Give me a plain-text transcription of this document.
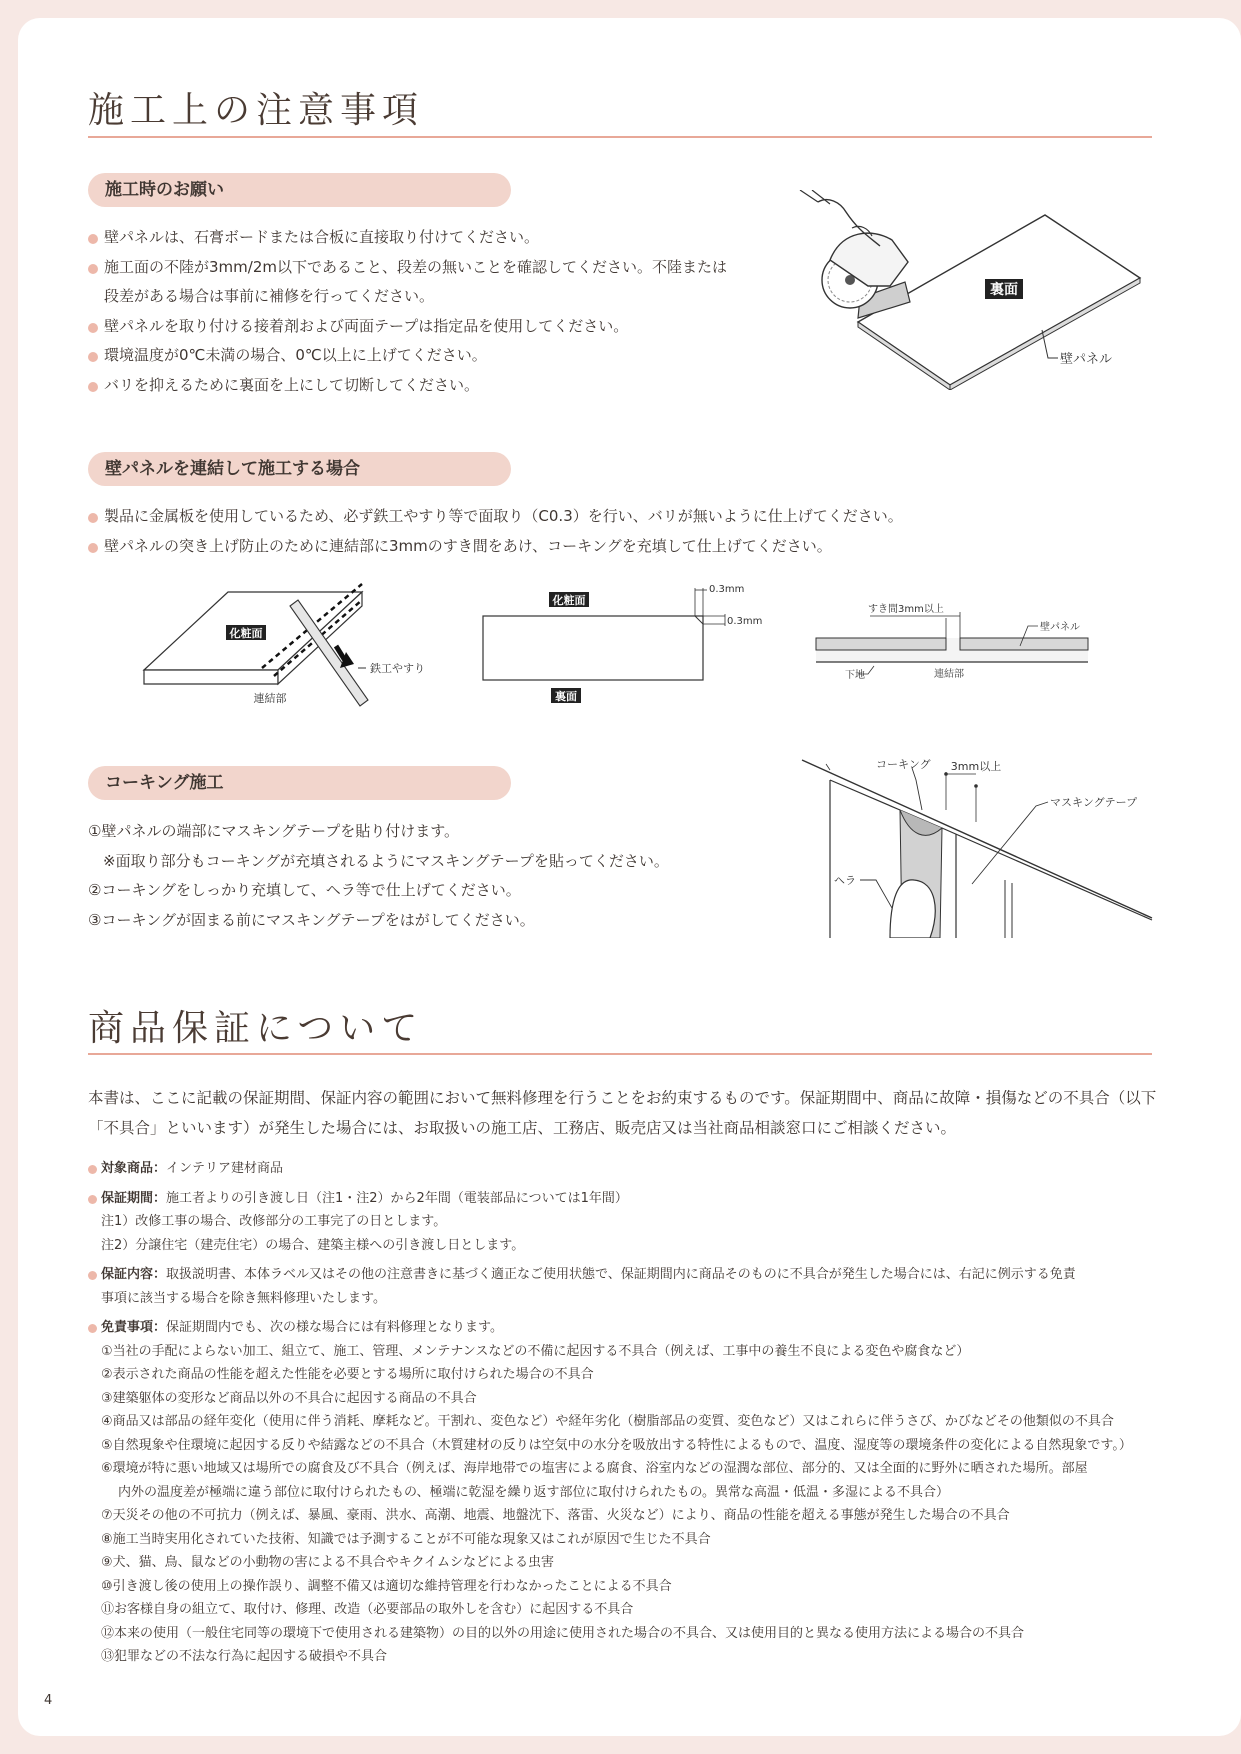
施工上の注意事項
施工時のお願い
壁パネルは、石膏ボードまたは合板に直接取り付けてください。
施工面の不陸が3mm/2m以下であること、段差の無いことを確認してください。不陸または
段差がある場合は事前に補修を行ってください。
壁パネルを取り付ける接着剤および両面テープは指定品を使用してください。
環境温度が0℃未満の場合、0℃以上に上げてください。
バリを抑えるために裏面を上にして切断してください。
裏面
壁パネル
壁パネルを連結して施工する場合
製品に金属板を使用しているため、必ず鉄工やすり等で面取り（C0.3）を行い、バリが無いように仕上げてください。
壁パネルの突き上げ防止のために連結部に3mmのすき間をあけ、コーキングを充填して仕上げてください。
化粧面
連結部
鉄工やすり
0.3mm
0.3mm
化粧面
裏面
すき間3mm以上
壁パネル
下地	連結部
コーキング施工
①壁パネルの端部にマスキングテープを貼り付けます。
　※面取り部分もコーキングが充填されるようにマスキングテープを貼ってください。
②コーキングをしっかり充填して、ヘラ等で仕上げてください。
③コーキングが固まる前にマスキングテープをはがしてください。
ヘラ
コーキング 3mm以上
マスキングテープ
商品保証について
本書は、ここに記載の保証期間、保証内容の範囲において無料修理を行うことをお約束するものです。保証期間中、商品に故障・損傷などの不具合（以下
「不具合」といいます）が発生した場合には、お取扱いの施工店、工務店、販売店又は当社商品相談窓口にご相談ください。
対象商品：インテリア建材商品
保証期間：施工者よりの引き渡し日（注1・注2）から2年間（電装部品については1年間）
注1）改修工事の場合、改修部分の工事完了の日とします。
注2）分譲住宅（建売住宅）の場合、建築主様への引き渡し日とします。
保証内容：取扱説明書、本体ラベル又はその他の注意書きに基づく適正なご使用状態で、保証期間内に商品そのものに不具合が発生した場合には、右記に例示する免責
事項に該当する場合を除き無料修理いたします。
免責事項：保証期間内でも、次の様な場合には有料修理となります。
①当社の手配によらない加工、組立て、施工、管理、メンテナンスなどの不備に起因する不具合（例えば、工事中の養生不良による変色や腐食など）
②表示された商品の性能を超えた性能を必要とする場所に取付けられた場合の不具合
③建築躯体の変形など商品以外の不具合に起因する商品の不具合
④商品又は部品の経年変化（使用に伴う消耗、摩耗など。干割れ、変色など）や経年劣化（樹脂部品の変質、変色など）又はこれらに伴うさび、かびなどその他類似の不具合
⑤自然現象や住環境に起因する反りや結露などの不具合（木質建材の反りは空気中の水分を吸放出する特性によるもので、温度、湿度等の環境条件の変化による自然現象です。）
⑥環境が特に悪い地域又は場所での腐食及び不具合（例えば、海岸地帯での塩害による腐食、浴室内などの湿潤な部位、部分的、又は全面的に野外に晒された場所。部屋
内外の温度差が極端に違う部位に取付けられたもの、極端に乾湿を繰り返す部位に取付けられたもの。異常な高温・低温・多湿による不具合）
⑦天災その他の不可抗力（例えば、暴風、豪雨、洪水、高潮、地震、地盤沈下、落雷、火災など）により、商品の性能を超える事態が発生した場合の不具合
⑧施工当時実用化されていた技術、知識では予測することが不可能な現象又はこれが原因で生じた不具合
⑨犬、猫、鳥、鼠などの小動物の害による不具合やキクイムシなどによる虫害
⑩引き渡し後の使用上の操作誤り、調整不備又は適切な維持管理を行わなかったことによる不具合
⑪お客様自身の組立て、取付け、修理、改造（必要部品の取外しを含む）に起因する不具合
⑫本来の使用（一般住宅同等の環境下で使用される建築物）の目的以外の用途に使用された場合の不具合、又は使用目的と異なる使用方法による場合の不具合
⑬犯罪などの不法な行為に起因する破損や不具合
4
